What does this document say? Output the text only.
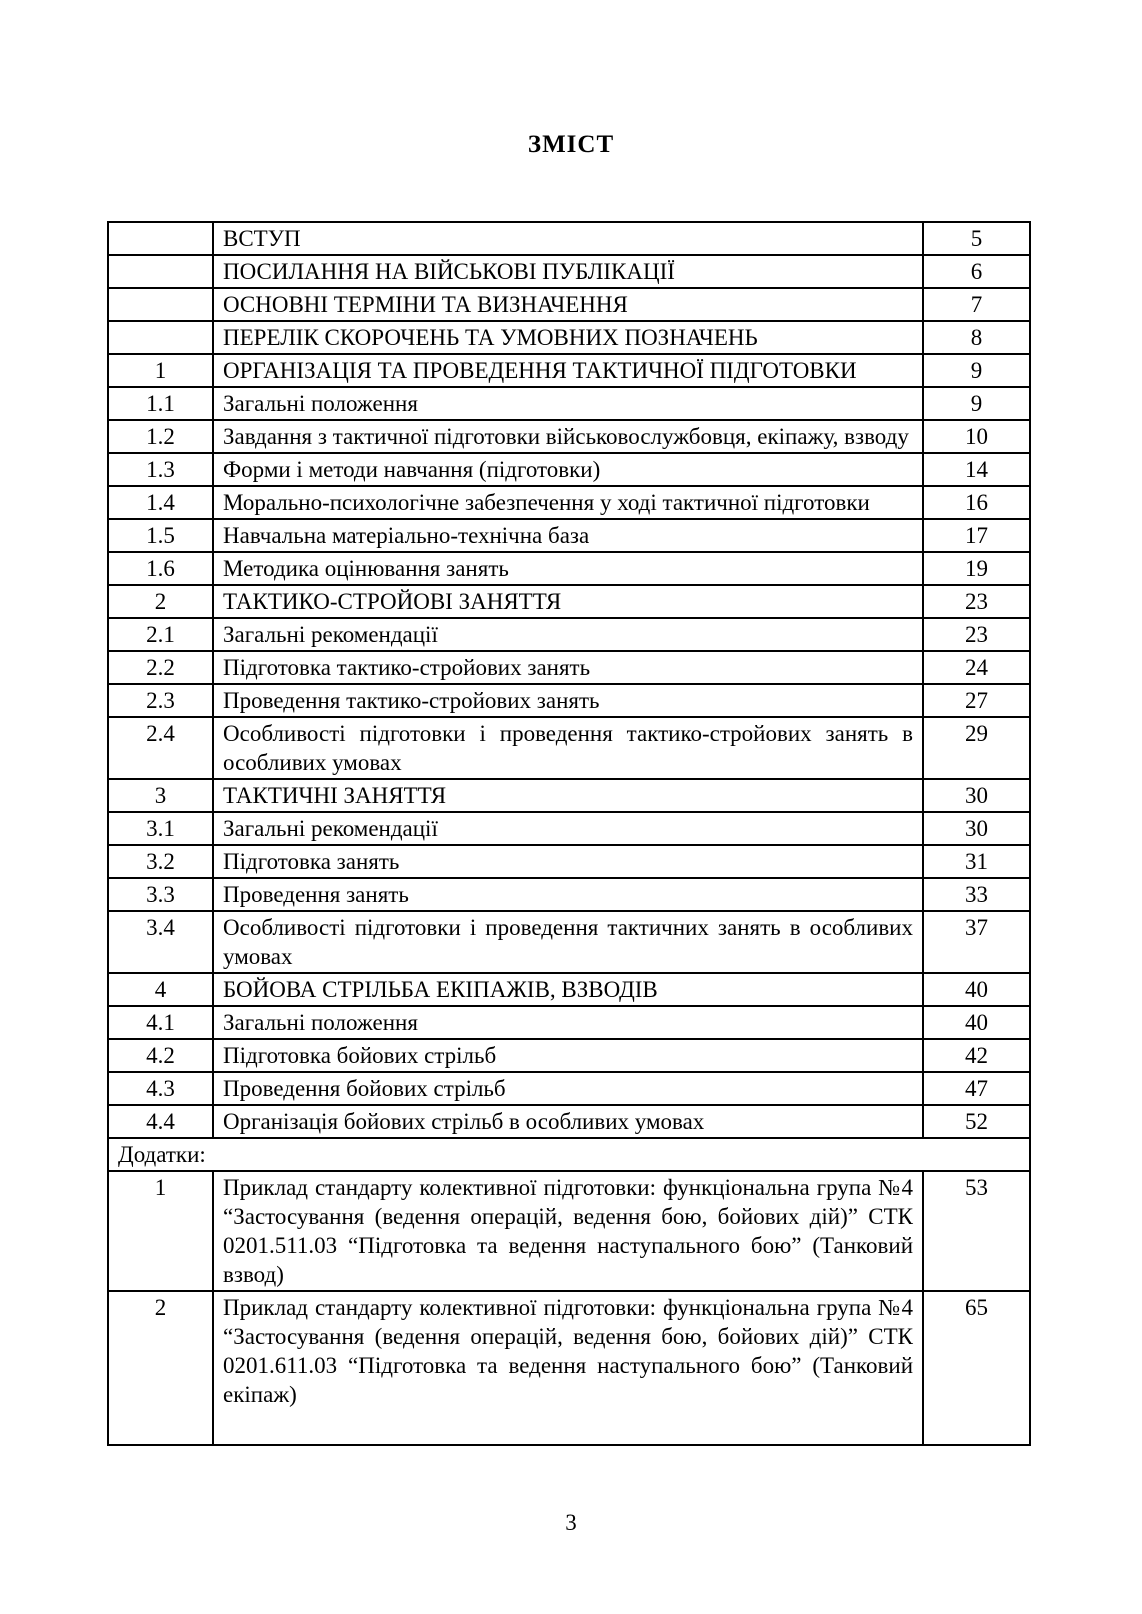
ЗМІСТ
	ВСТУП	5
	ПОСИЛАННЯ НА ВІЙСЬКОВІ ПУБЛІКАЦІЇ	6
	ОСНОВНІ ТЕРМІНИ ТА ВИЗНАЧЕННЯ	7
	ПЕРЕЛІК СКОРОЧЕНЬ ТА УМОВНИХ ПОЗНАЧЕНЬ	8
1	ОРГАНІЗАЦІЯ ТА ПРОВЕДЕННЯ ТАКТИЧНОЇ ПІДГОТОВКИ	9
1.1	Загальні положення	9
1.2	Завдання з тактичної підготовки військовослужбовця, екіпажу, взводу	10
1.3	Форми і методи навчання (підготовки)	14
1.4	Морально-психологічне забезпечення у ході тактичної підготовки	16
1.5	Навчальна матеріально-технічна база	17
1.6	Методика оцінювання занять	19
2	ТАКТИКО-СТРОЙОВІ ЗАНЯТТЯ	23
2.1	Загальні рекомендації	23
2.2	Підготовка тактико-стройових занять	24
2.3	Проведення тактико-стройових занять	27
2.4	Особливості підготовки і проведення тактико-стройових занять в особливих умовах	29
3	ТАКТИЧНІ ЗАНЯТТЯ	30
3.1	Загальні рекомендації	30
3.2	Підготовка занять	31
3.3	Проведення занять	33
3.4	Особливості підготовки і проведення тактичних занять в особливих умовах	37
4	БОЙОВА СТРІЛЬБА ЕКІПАЖІВ, ВЗВОДІВ	40
4.1	Загальні положення	40
4.2	Підготовка бойових стрільб	42
4.3	Проведення бойових стрільб	47
4.4	Організація бойових стрільб в особливих умовах	52
Додатки:		
1	Приклад стандарту колективної підготовки: функціональна група №4 “Застосування (ведення операцій, ведення бою, бойових дій)” СТК 0201.511.03 “Підготовка та ведення наступального бою” (Танковий взвод)	53
2	Приклад стандарту колективної підготовки: функціональна група №4 “Застосування (ведення операцій, ведення бою, бойових дій)” СТК 0201.611.03 “Підготовка та ведення наступального бою” (Танковий екіпаж)	65
3
